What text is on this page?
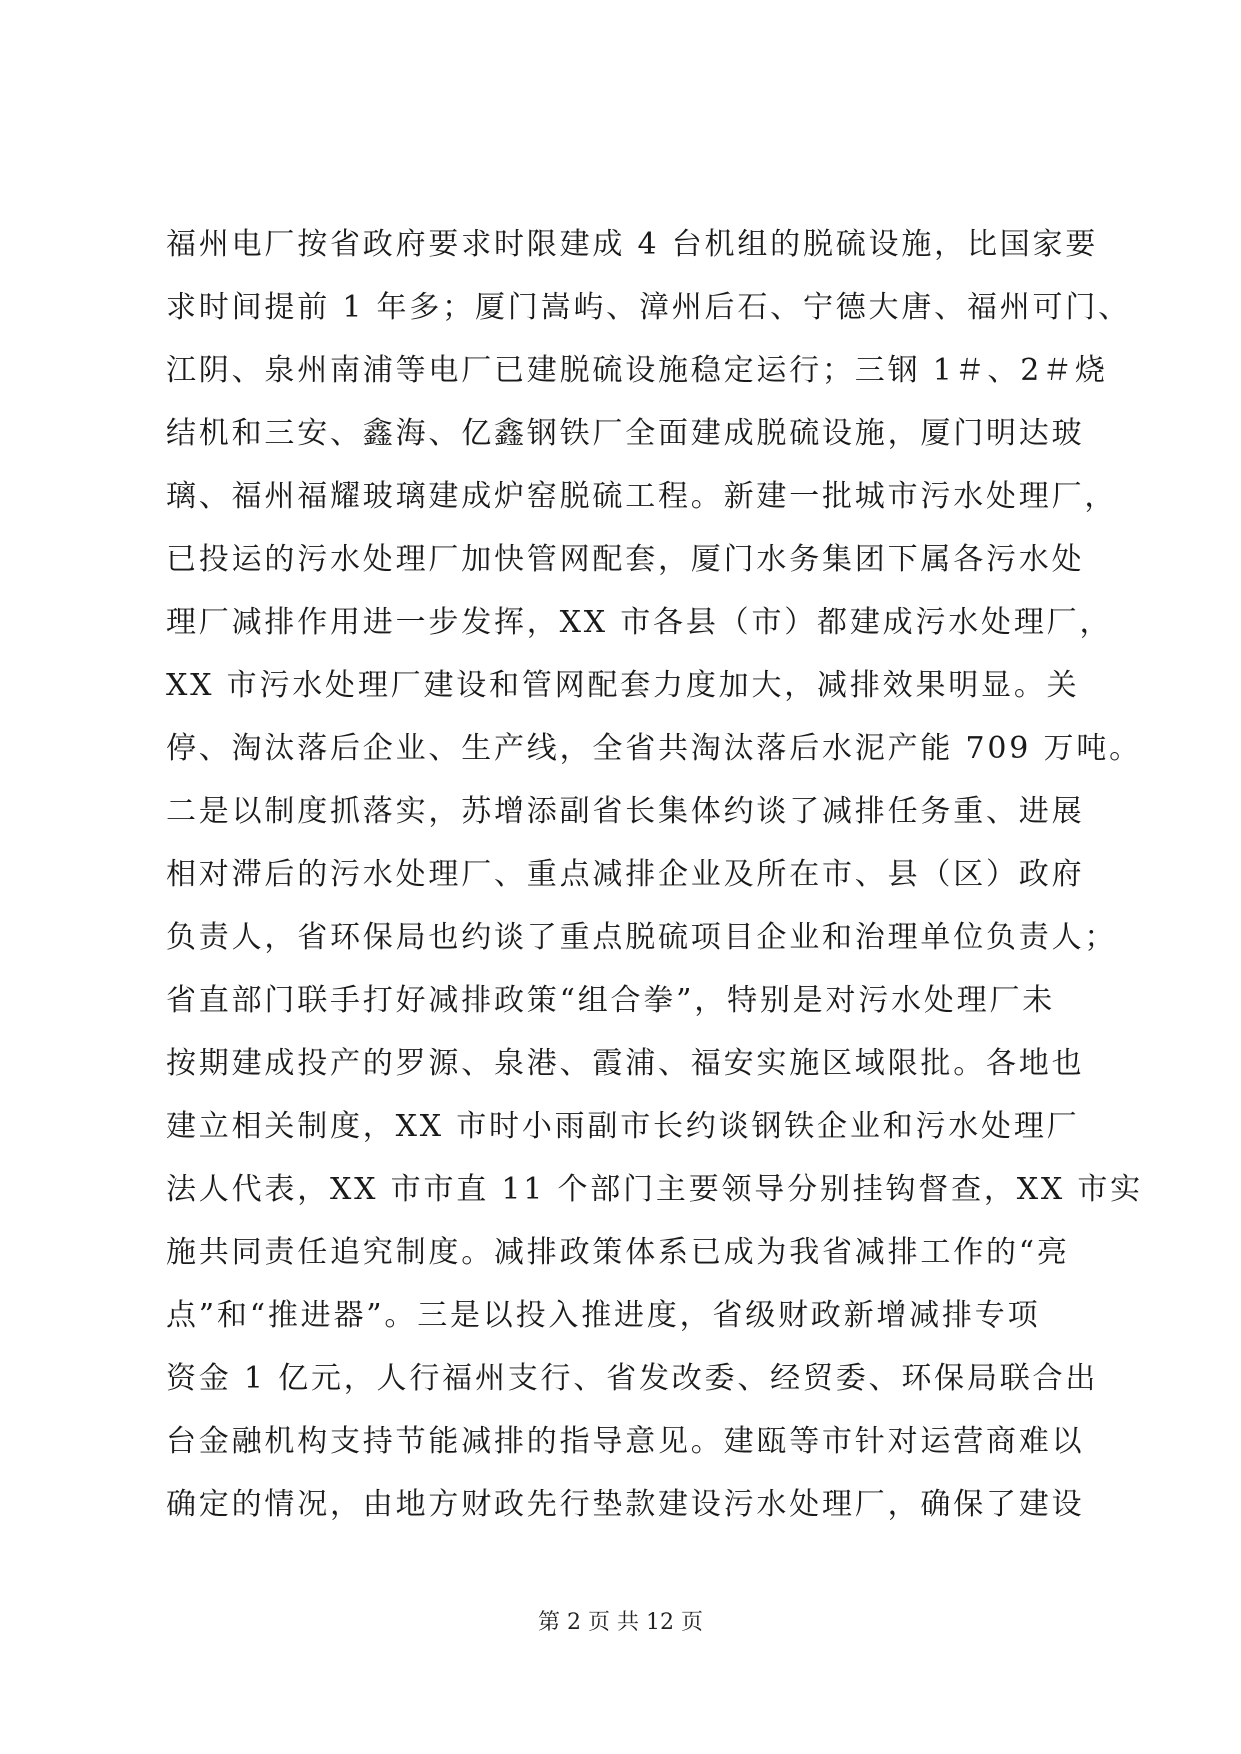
福州电厂按省政府要求时限建成 4 台机组的脱硫设施，比国家要
求时间提前 1 年多；厦门嵩屿、漳州后石、宁德大唐、福州可门、
江阴、泉州南浦等电厂已建脱硫设施稳定运行；三钢 1＃、2＃烧
结机和三安、鑫海、亿鑫钢铁厂全面建成脱硫设施，厦门明达玻
璃、福州福耀玻璃建成炉窑脱硫工程。新建一批城市污水处理厂，
已投运的污水处理厂加快管网配套，厦门水务集团下属各污水处
理厂减排作用进一步发挥，XX 市各县（市）都建成污水处理厂，
XX 市污水处理厂建设和管网配套力度加大，减排效果明显。关
停、淘汰落后企业、生产线，全省共淘汰落后水泥产能 709 万吨。
二是以制度抓落实，苏增添副省长集体约谈了减排任务重、进展
相对滞后的污水处理厂、重点减排企业及所在市、县（区）政府
负责人，省环保局也约谈了重点脱硫项目企业和治理单位负责人；
省直部门联手打好减排政策“组合拳”，特别是对污水处理厂未
按期建成投产的罗源、泉港、霞浦、福安实施区域限批。各地也
建立相关制度，XX 市时小雨副市长约谈钢铁企业和污水处理厂
法人代表，XX 市市直 11 个部门主要领导分别挂钩督查，XX 市实
施共同责任追究制度。减排政策体系已成为我省减排工作的“亮
点”和“推进器”。三是以投入推进度，省级财政新增减排专项
资金 1 亿元，人行福州支行、省发改委、经贸委、环保局联合出
台金融机构支持节能减排的指导意见。建瓯等市针对运营商难以
确定的情况，由地方财政先行垫款建设污水处理厂，确保了建设
第 2 页 共 12 页
